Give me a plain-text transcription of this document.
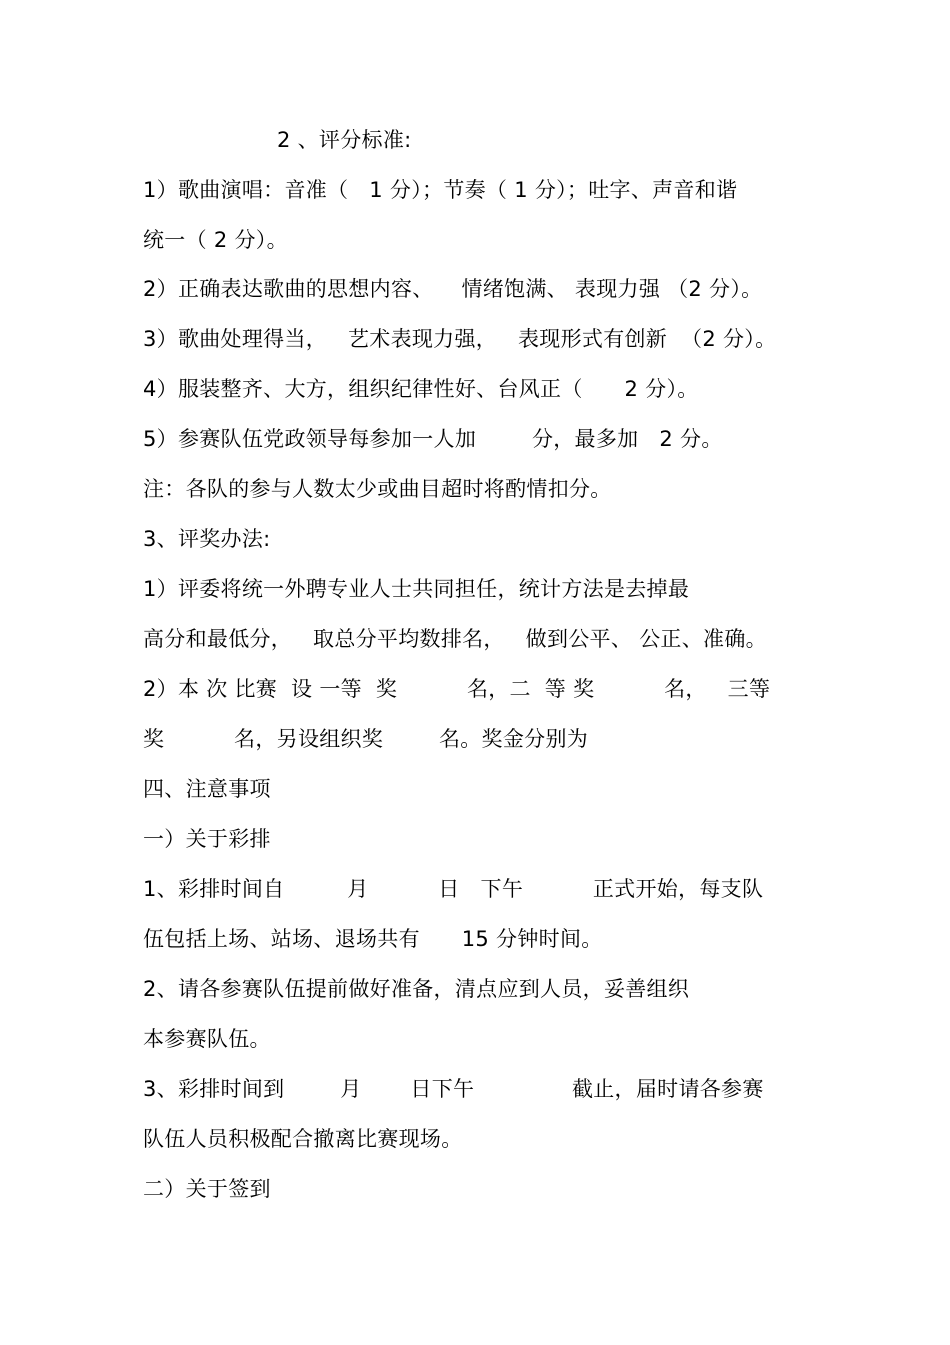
2 、评分标准:
1）歌曲演唱：音准（   1 分）；节奏（ 1 分）；吐字、声音和谐
统一（ 2 分）。
2）正确表达歌曲的思想内容、    情绪饱满、 表现力强 （2 分）。
3）歌曲处理得当，   艺术表现力强，   表现形式有创新  （2 分）。
4）服装整齐、大方，组织纪律性好、台风正（      2 分）。
5）参赛队伍党政领导每参加一人加        分，最多加   2 分。
注：各队的参与人数太少或曲目超时将酌情扣分。
3、评奖办法:
1）评委将统一外聘专业人士共同担任，统计方法是去掉最
高分和最低分，   取总分平均数排名，   做到公平、 公正、准确。
2）本 次 比赛  设 一等  奖          名，二  等 奖          名，   三等
奖          名，另设组织奖        名。奖金分别为
四、注意事项
一）关于彩排
1、彩排时间自         月          日   下午          正式开始，每支队
伍包括上场、站场、退场共有      15 分钟时间。
2、请各参赛队伍提前做好准备，清点应到人员，妥善组织
本参赛队伍。
3、彩排时间到        月       日下午              截止，届时请各参赛
队伍人员积极配合撤离比赛现场。
二）关于签到
